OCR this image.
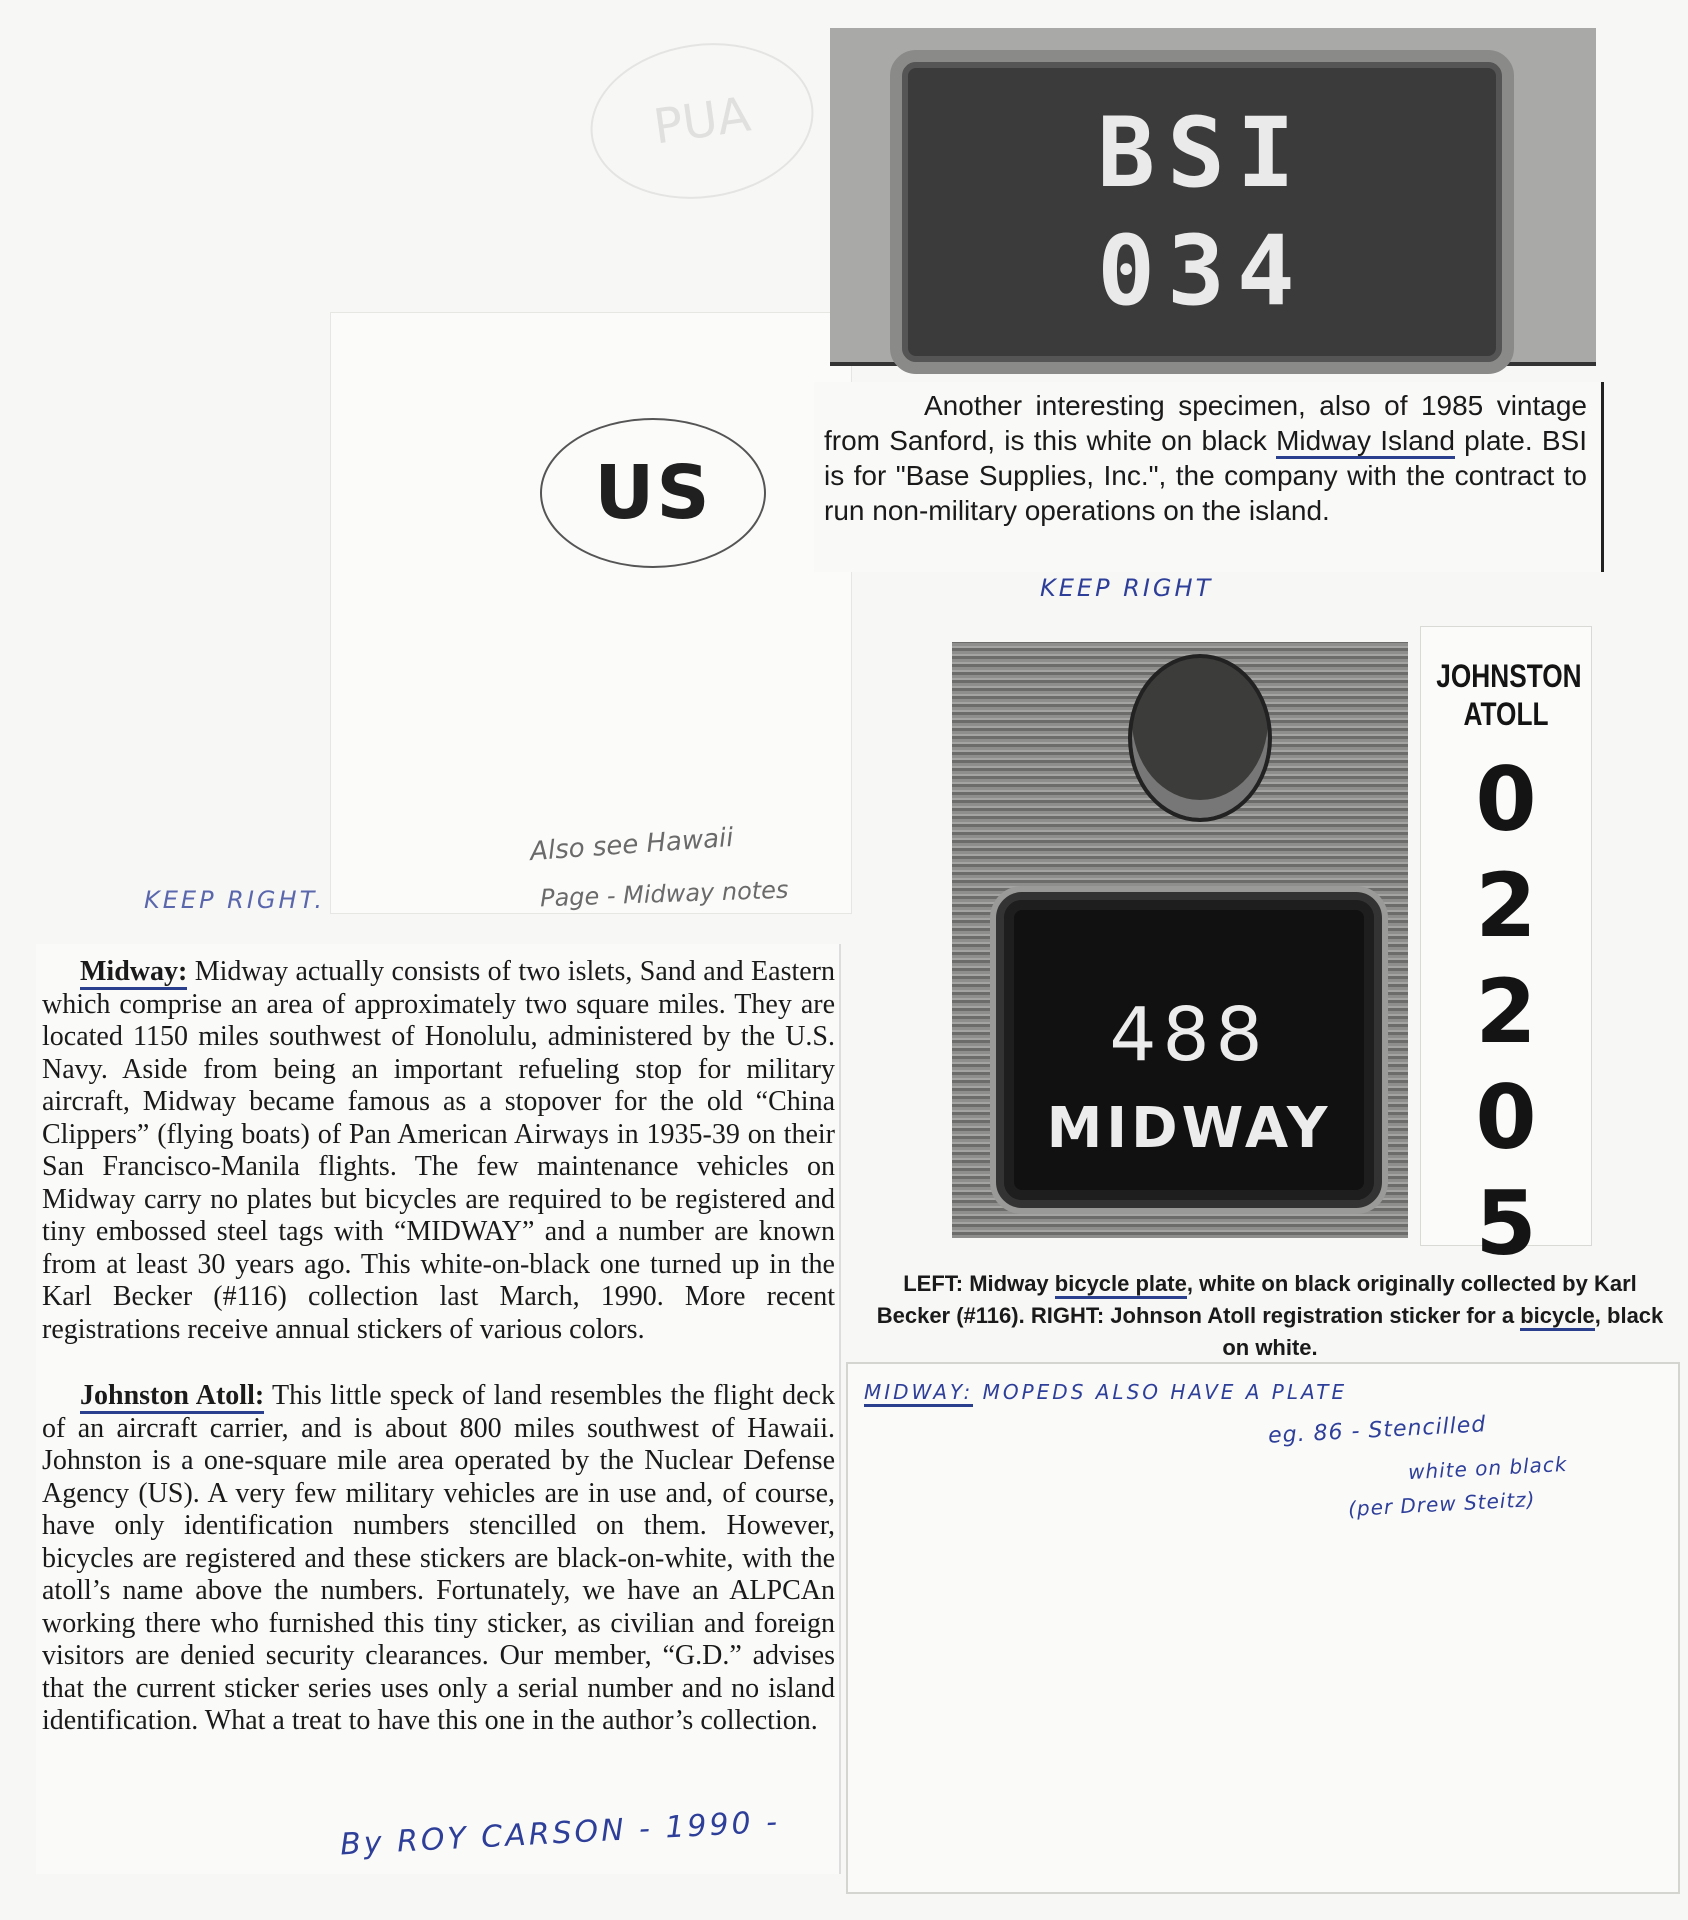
PUA
US
BSI
034

Another interesting specimen, also of 1985 vintage from Sanford, is this white on black Midway Island plate. BSI is for "Base Supplies, Inc.", the company with the contract to run non-military operations on the island.

KEEP RIGHT
KEEP RIGHT.
Also see Hawaii
Page - Midway notes
488
MIDWAY
JOHNSTON
ATOLL
0
2
2
0
5
LEFT: Midway bicycle plate, white on black originally collected by Karl Becker (#116). RIGHT: Johnson Atoll registration sticker for a bicycle, black on white.
MIDWAY: MOPEDS ALSO HAVE A PLATE
eg. 86 - Stencilled
white on black
(per Drew Steitz)

Midway: Midway actually consists of two islets, Sand and Eastern which comprise an area of approximately two square miles. They are located 1150 miles southwest of Honolulu, administered by the U.S. Navy. Aside from being an important refueling stop for military aircraft, Midway became famous as a stopover for the old “China Clippers” (flying boats) of Pan American Airways in 1935-39 on their San Francisco-Manila flights. The few maintenance vehicles on Midway carry no plates but bicycles are required to be registered and tiny embossed steel tags with “MIDWAY” and a number are known from at least 30 years ago. This white-on-black one turned up in the Karl Becker (#116) collection last March, 1990. More recent registrations receive annual stickers of various colors.

Johnston Atoll: This little speck of land resembles the flight deck of an aircraft carrier, and is about 800 miles southwest of Hawaii. Johnston is a one-square mile area operated by the Nuclear Defense Agency (US). A very few military vehicles are in use and, of course, have only identification numbers stencilled on them. However, bicycles are registered and these stickers are black-on-white, with the atoll’s name above the numbers. Fortunately, we have an ALPCAn working there who furnished this tiny sticker, as civilian and foreign visitors are denied security clearances. Our member, “G.D.” advises that the current sticker series uses only a serial number and no island identification. What a treat to have this one in the author’s collection.

By ROY CARSON - 1990 -
